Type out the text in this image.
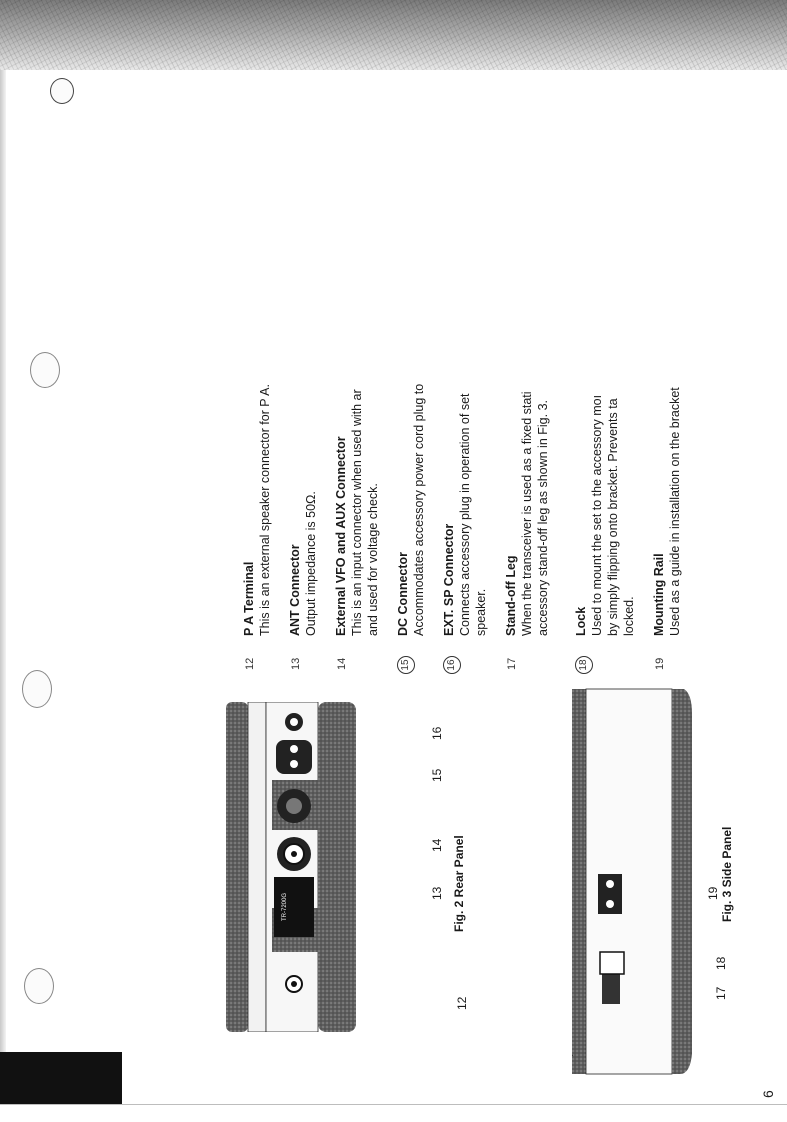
6
TR-7200G
12
13
14
15
16
Fig. 2 Rear Panel
17
18
19 Fig. 3 Side Panel
12
P A Terminal This is an external speaker connector for P A.
13
ANT Connector Output impedance is 50Ω.
14
External VFO and AUX Connector This is an input connector when used with ar and used for voltage check.
15
DC Connector Accommodates accessory power cord plug to
16
EXT. SP Connector Connects accessory plug in operation of set speaker.
17
Stand-off Leg When the transceiver is used as a fixed stati accessory stand-off leg as shown in Fig. 3.
18
Lock Used to mount the set to the accessory moı by simply flipping onto bracket. Prevents ta locked.
19
Mounting Rail Used as a guide in installation on the bracket
